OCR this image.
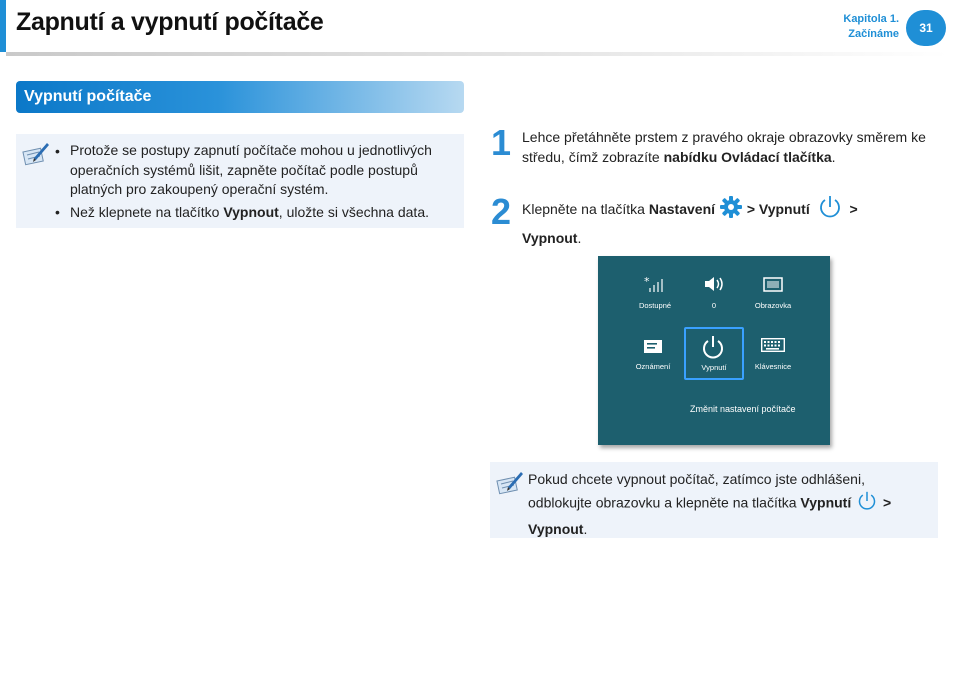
Zapnutí a vypnutí počítače	Kapitola 1.
Začínáme	31
Vypnutí počítače
• Protože se postupy zapnutí počítače mohou u jednotlivých operačních systémů lišit, zapněte počítač podle postupů platných pro zakoupený operační systém.
• Než klepnete na tlačítko Vypnout, uložte si všechna data.
1 Lehce přetáhněte prstem z pravého okraje obrazovky směrem ke středu, čímž zobrazíte nabídku Ovládací tlačítka.
2 Klepněte na tlačítka Nastavení  > Vypnutí	>
Vypnout.
*
Dostupné	0	Obrazovka
Oznámení	Vypnutí	Klávesnice
Změnit nastavení počítače
Pokud chcete vypnout počítač, zatímco jste odhlášeni, odblokujte obrazovku a klepněte na tlačítka Vypnutí  >
Vypnout.
